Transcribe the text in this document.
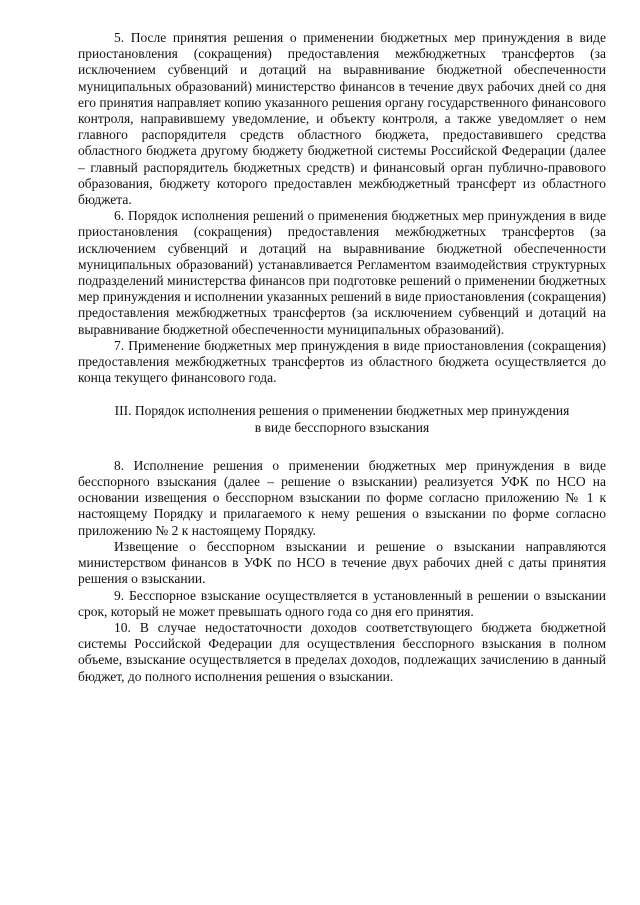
5. После принятия решения о применении бюджетных мер принуждения в виде приостановления (сокращения) предоставления межбюджетных трансфертов (за исключением субвенций и дотаций на выравнивание бюджетной обеспеченности муниципальных образований) министерство финансов в течение двух рабочих дней со дня его принятия направляет копию указанного решения органу государственного финансового контроля, направившему уведомление, и объекту контроля, а также уведомляет о нем главного распорядителя средств областного бюджета, предоставившего средства областного бюджета другому бюджету бюджетной системы Российской Федерации (далее – главный распорядитель бюджетных средств) и финансовый орган публично-правового образования, бюджету которого предоставлен межбюджетный трансферт из областного бюджета.

6. Порядок исполнения решений о применения бюджетных мер принуждения в виде приостановления (сокращения) предоставления межбюджетных трансфертов (за исключением субвенций и дотаций на выравнивание бюджетной обеспеченности муниципальных образований) устанавливается Регламентом взаимодействия структурных подразделений министерства финансов при подготовке решений о применении бюджетных мер принуждения и исполнении указанных решений в виде приостановления (сокращения) предоставления межбюджетных трансфертов (за исключением субвенций и дотаций на выравнивание бюджетной обеспеченности муниципальных образований).

7. Применение бюджетных мер принуждения в виде приостановления (сокращения) предоставления межбюджетных трансфертов из областного бюджета осуществляется до конца текущего финансового года.

III. Порядок исполнения решения о применении бюджетных мер принуждения
в виде бесспорного взыскания

8. Исполнение решения о применении бюджетных мер принуждения в виде бесспорного взыскания (далее – решение о взыскании) реализуется УФК по НСО на основании извещения о бесспорном взыскании по форме согласно приложению № 1 к настоящему Порядку и прилагаемого к нему решения о взыскании по форме согласно приложению № 2 к настоящему Порядку.

Извещение о бесспорном взыскании и решение о взыскании направляются министерством финансов в УФК по НСО в течение двух рабочих дней с даты принятия решения о взыскании.

9. Бесспорное взыскание осуществляется в установленный в решении о взыскании срок, который не может превышать одного года со дня его принятия.

10. В случае недостаточности доходов соответствующего бюджета бюджетной системы Российской Федерации для осуществления бесспорного взыскания в полном объеме, взыскание осуществляется в пределах доходов, подлежащих зачислению в данный бюджет, до полного исполнения решения о взыскании.
